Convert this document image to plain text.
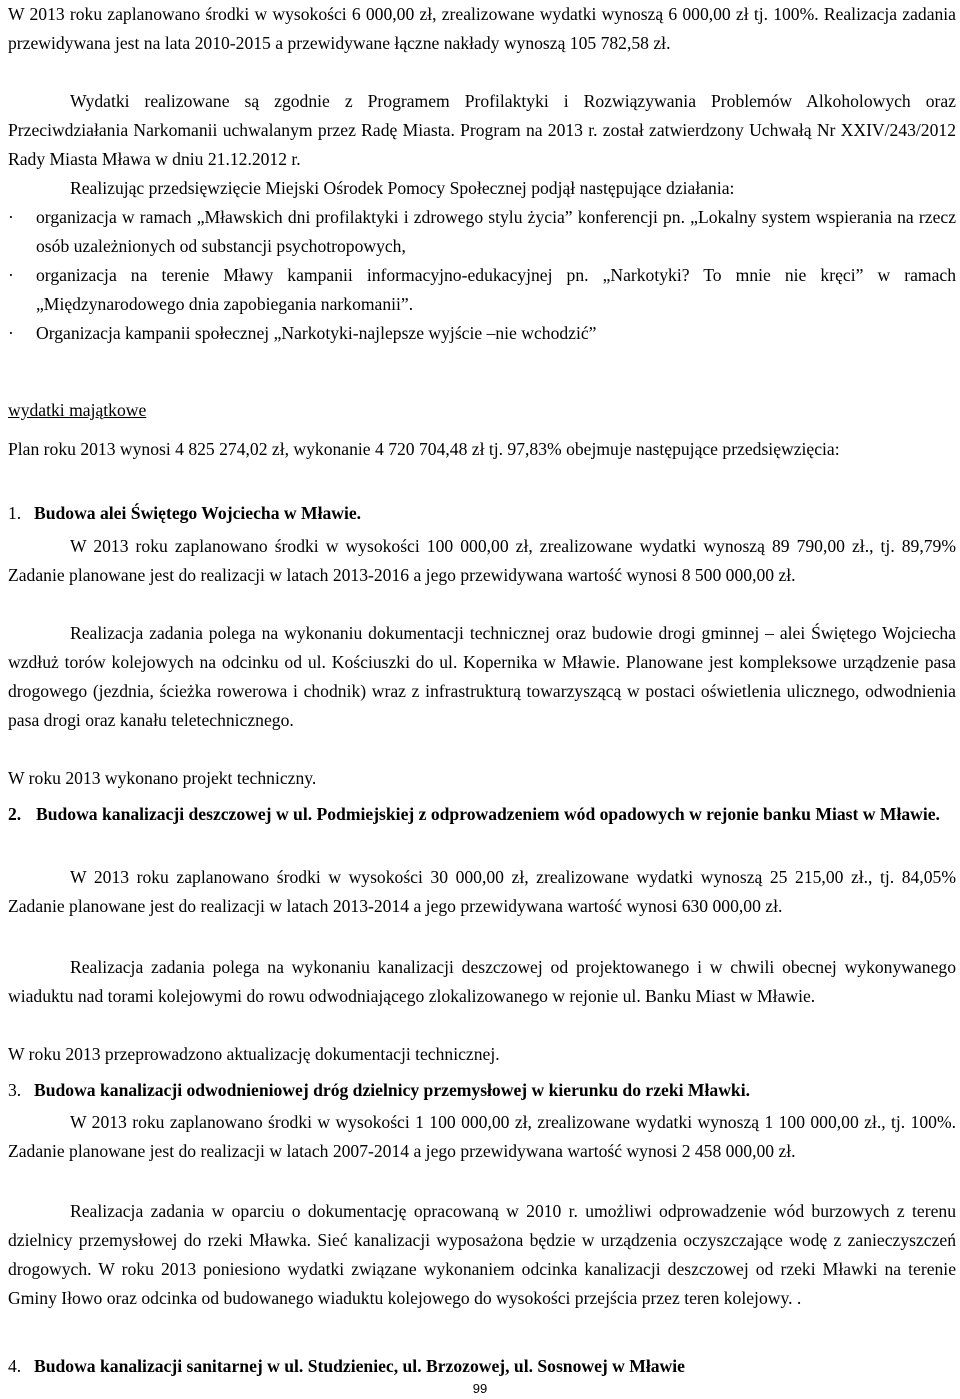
W 2013 roku zaplanowano środki w wysokości 6 000,00 zł, zrealizowane wydatki wynoszą 6 000,00 zł tj. 100%. Realizacja zadania przewidywana jest na lata 2010-2015 a przewidywane łączne nakłady wynoszą 105 782,58 zł.

Wydatki realizowane są zgodnie z Programem Profilaktyki i Rozwiązywania Problemów Alkoholowych oraz Przeciwdziałania Narkomanii uchwalanym przez Radę Miasta. Program na 2013 r. został zatwierdzony Uchwałą Nr XXIV/243/2012 Rady Miasta Mława w dniu 21.12.2012 r.

Realizując przedsięwzięcie Miejski Ośrodek Pomocy Społecznej podjął następujące działania:

·	organizacja w ramach „Mławskich dni profilaktyki i zdrowego stylu życia” konferencji pn. „Lokalny system wspierania na rzecz osób uzależnionych od substancji psychotropowych,
·	organizacja na terenie Mławy kampanii informacyjno-edukacyjnej pn. „Narkotyki? To mnie nie kręci” w ramach „Międzynarodowego dnia zapobiegania narkomanii”.
·	Organizacja kampanii społecznej „Narkotyki-najlepsze wyjście –nie wchodzić”

wydatki majątkowe

Plan roku 2013 wynosi 4 825 274,02 zł, wykonanie 4 720 704,48 zł tj. 97,83% obejmuje następujące przedsięwzięcia:

1. Budowa alei Świętego Wojciecha w Mławie.

W 2013 roku zaplanowano środki w wysokości 100 000,00 zł, zrealizowane wydatki wynoszą 89 790,00 zł., tj. 89,79% Zadanie planowane jest do realizacji w latach 2013-2016 a jego przewidywana wartość wynosi 8 500 000,00 zł.

Realizacja zadania polega na wykonaniu dokumentacji technicznej oraz budowie drogi gminnej – alei Świętego Wojciecha wzdłuż torów kolejowych na odcinku od ul. Kościuszki do ul. Kopernika w Mławie. Planowane jest kompleksowe urządzenie pasa drogowego (jezdnia, ścieżka rowerowa i chodnik) wraz z infrastrukturą towarzyszącą w postaci oświetlenia ulicznego, odwodnienia pasa drogi oraz kanału teletechnicznego.

W roku 2013 wykonano projekt techniczny.

2. Budowa kanalizacji deszczowej w ul. Podmiejskiej z odprowadzeniem wód opadowych w rejonie banku Miast w Mławie.

W 2013 roku zaplanowano środki w wysokości 30 000,00 zł, zrealizowane wydatki wynoszą 25 215,00 zł., tj. 84,05% Zadanie planowane jest do realizacji w latach 2013-2014 a jego przewidywana wartość wynosi 630 000,00 zł.

Realizacja zadania polega na wykonaniu kanalizacji deszczowej od projektowanego i w chwili obecnej wykonywanego wiaduktu nad torami kolejowymi do rowu odwodniającego zlokalizowanego w rejonie ul. Banku Miast w Mławie.

W roku 2013 przeprowadzono aktualizację dokumentacji technicznej.

3. Budowa kanalizacji odwodnieniowej dróg dzielnicy przemysłowej w kierunku do rzeki Mławki.

W 2013 roku zaplanowano środki w wysokości 1 100 000,00 zł, zrealizowane wydatki wynoszą 1 100 000,00 zł., tj. 100%. Zadanie planowane jest do realizacji w latach 2007-2014 a jego przewidywana wartość wynosi 2 458 000,00 zł.

Realizacja zadania w oparciu o dokumentację opracowaną w 2010 r. umożliwi odprowadzenie wód burzowych z terenu dzielnicy przemysłowej do rzeki Mławka. Sieć kanalizacji wyposażona będzie w urządzenia oczyszczające wodę z zanieczyszczeń drogowych. W roku 2013 poniesiono wydatki związane wykonaniem odcinka kanalizacji deszczowej od rzeki Mławki na terenie Gminy Iłowo oraz odcinka od budowanego wiaduktu kolejowego do wysokości przejścia przez teren kolejowy. .

4. Budowa kanalizacji sanitarnej w ul. Studzieniec, ul. Brzozowej, ul. Sosnowej w Mławie

99
